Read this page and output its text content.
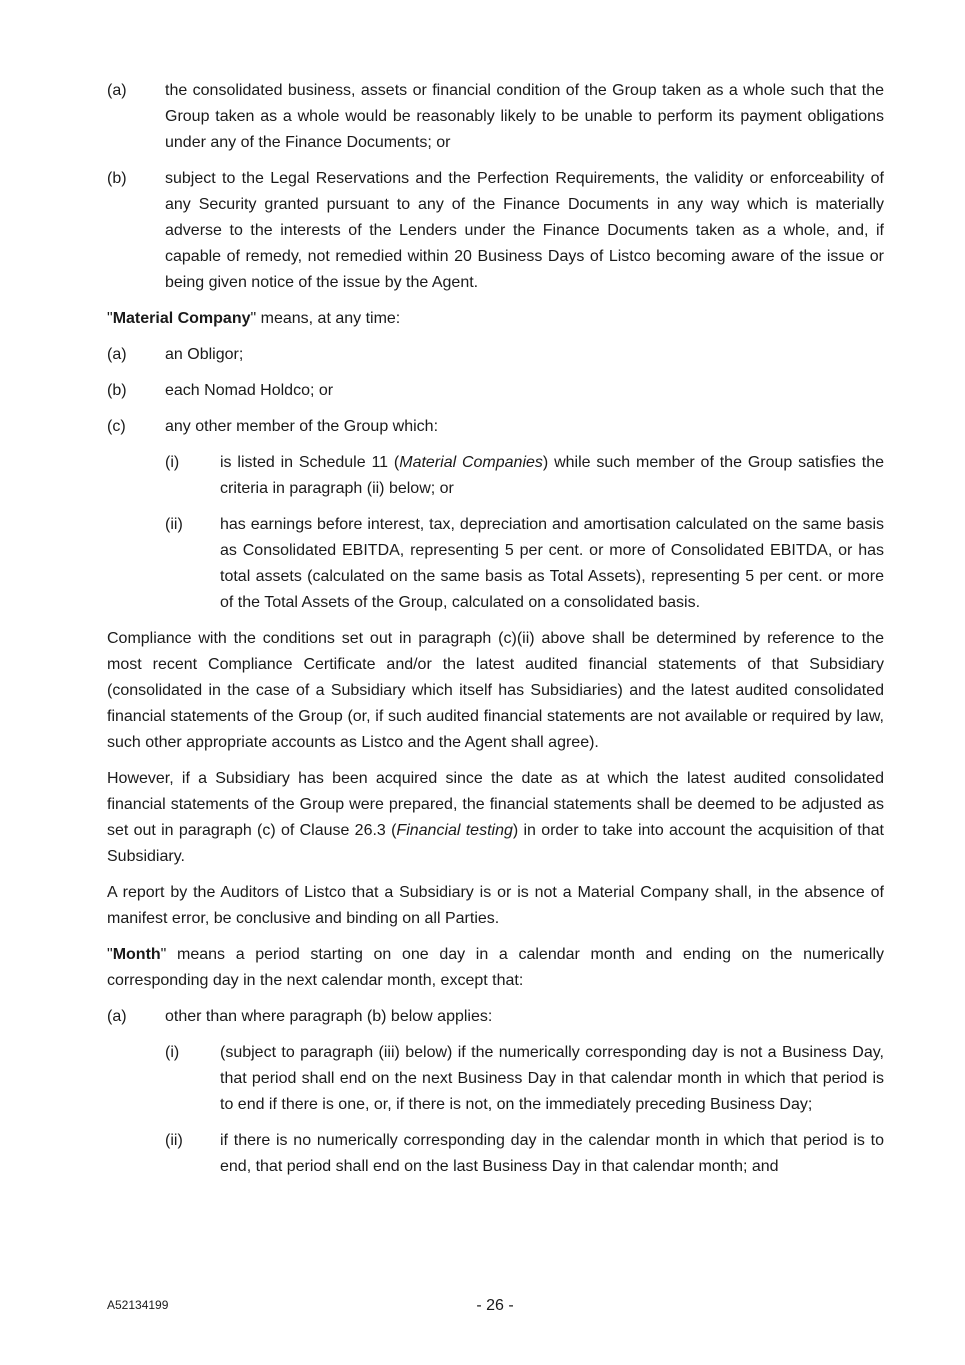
(a) the consolidated business, assets or financial condition of the Group taken as a whole such that the Group taken as a whole would be reasonably likely to be unable to perform its payment obligations under any of the Finance Documents; or
(b) subject to the Legal Reservations and the Perfection Requirements, the validity or enforceability of any Security granted pursuant to any of the Finance Documents in any way which is materially adverse to the interests of the Lenders under the Finance Documents taken as a whole, and, if capable of remedy, not remedied within 20 Business Days of Listco becoming aware of the issue or being given notice of the issue by the Agent.

"Material Company" means, at any time:

(a) an Obligor;
(b) each Nomad Holdco; or
(c) any other member of the Group which:
(i)	is listed in Schedule 11 (Material Companies) while such member of the Group satisfies the criteria in paragraph (ii) below; or
(ii) has earnings before interest, tax, depreciation and amortisation calculated on the same basis as Consolidated EBITDA, representing 5 per cent. or more of Consolidated EBITDA, or has total assets (calculated on the same basis as Total Assets), representing 5 per cent. or more of the Total Assets of the Group, calculated on a consolidated basis.

Compliance with the conditions set out in paragraph (c)(ii) above shall be determined by reference to the most recent Compliance Certificate and/or the latest audited financial statements of that Subsidiary (consolidated in the case of a Subsidiary which itself has Subsidiaries) and the latest audited consolidated financial statements of the Group (or, if such audited financial statements are not available or required by law, such other appropriate accounts as Listco and the Agent shall agree).

However, if a Subsidiary has been acquired since the date as at which the latest audited consolidated financial statements of the Group were prepared, the financial statements shall be deemed to be adjusted as set out in paragraph (c) of Clause 26.3 (Financial testing) in order to take into account the acquisition of that Subsidiary.

A report by the Auditors of Listco that a Subsidiary is or is not a Material Company shall, in the absence of manifest error, be conclusive and binding on all Parties.

"Month" means a period starting on one day in a calendar month and ending on the numerically corresponding day in the next calendar month, except that:

(a) other than where paragraph (b) below applies:
(i)	(subject to paragraph (iii) below) if the numerically corresponding day is not a Business Day, that period shall end on the next Business Day in that calendar month in which that period is to end if there is one, or, if there is not, on the immediately preceding Business Day;
(ii) if there is no numerically corresponding day in the calendar month in which that period is to end, that period shall end on the last Business Day in that calendar month; and
A52134199	- 26 -
